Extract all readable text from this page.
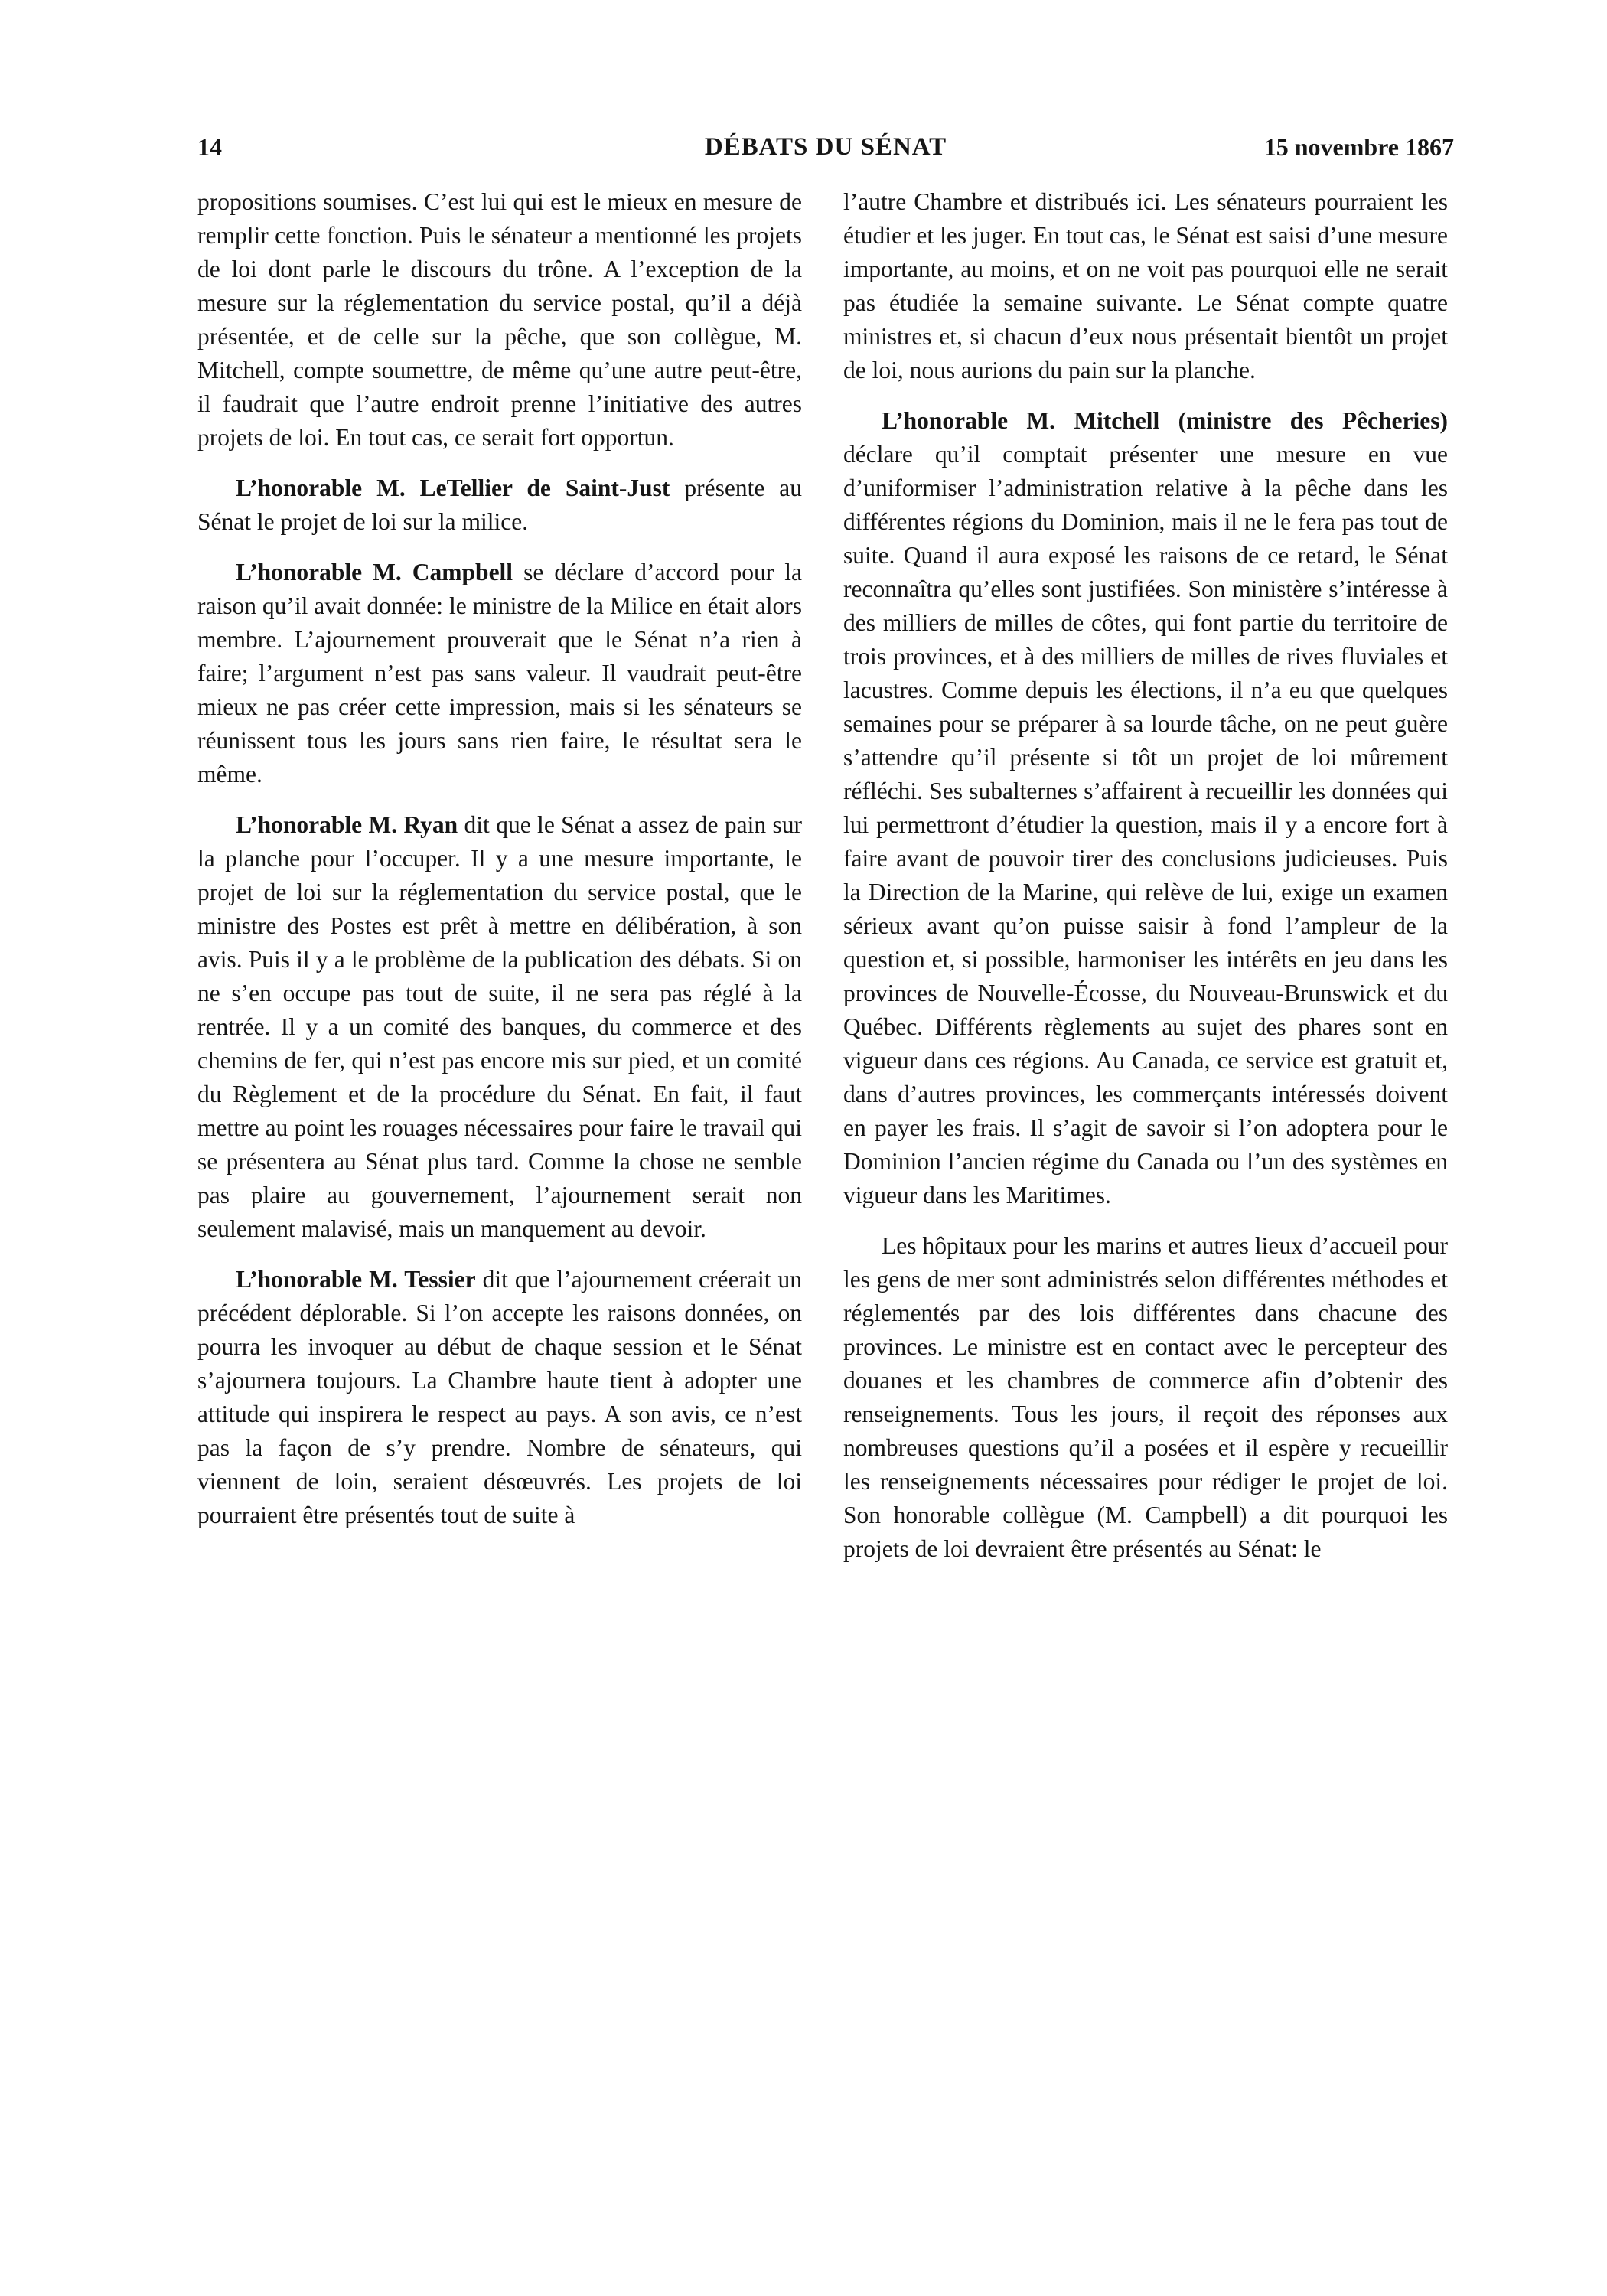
14	DÉBATS DU SÉNAT	15 novembre 1867

propositions soumises. C’est lui qui est le mieux en mesure de remplir cette fonction. Puis le sénateur a mentionné les projets de loi dont parle le discours du trône. A l’exception de la mesure sur la réglementation du service postal, qu’il a déjà présentée, et de celle sur la pêche, que son collègue, M. Mitchell, compte soumettre, de même qu’une autre peut-être, il faudrait que l’autre endroit prenne l’initiative des autres projets de loi. En tout cas, ce serait fort opportun.

L’honorable M. LeTellier de Saint-Just présente au Sénat le projet de loi sur la milice.

L’honorable M. Campbell se déclare d’accord pour la raison qu’il avait donnée: le ministre de la Milice en était alors membre. L’ajournement prouverait que le Sénat n’a rien à faire; l’argument n’est pas sans valeur. Il vaudrait peut-être mieux ne pas créer cette impression, mais si les sénateurs se réunissent tous les jours sans rien faire, le résultat sera le même.

L’honorable M. Ryan dit que le Sénat a assez de pain sur la planche pour l’occuper. Il y a une mesure importante, le projet de loi sur la réglementation du service postal, que le ministre des Postes est prêt à mettre en délibération, à son avis. Puis il y a le problème de la publication des débats. Si on ne s’en occupe pas tout de suite, il ne sera pas réglé à la rentrée. Il y a un comité des banques, du commerce et des chemins de fer, qui n’est pas encore mis sur pied, et un comité du Règlement et de la procédure du Sénat. En fait, il faut mettre au point les rouages nécessaires pour faire le travail qui se présentera au Sénat plus tard. Comme la chose ne semble pas plaire au gouvernement, l’ajournement serait non seulement malavisé, mais un manquement au devoir.

L’honorable M. Tessier dit que l’ajournement créerait un précédent déplorable. Si l’on accepte les raisons données, on pourra les invoquer au début de chaque session et le Sénat s’ajournera toujours. La Chambre haute tient à adopter une attitude qui inspirera le respect au pays. A son avis, ce n’est pas la façon de s’y prendre. Nombre de sénateurs, qui viennent de loin, seraient désœuvrés. Les projets de loi pourraient être présentés tout de suite à

l’autre Chambre et distribués ici. Les sénateurs pourraient les étudier et les juger. En tout cas, le Sénat est saisi d’une mesure importante, au moins, et on ne voit pas pourquoi elle ne serait pas étudiée la semaine suivante. Le Sénat compte quatre ministres et, si chacun d’eux nous présentait bientôt un projet de loi, nous aurions du pain sur la planche.

L’honorable M. Mitchell (ministre des Pêcheries) déclare qu’il comptait présenter une mesure en vue d’uniformiser l’administration relative à la pêche dans les différentes régions du Dominion, mais il ne le fera pas tout de suite. Quand il aura exposé les raisons de ce retard, le Sénat reconnaîtra qu’elles sont justifiées. Son ministère s’intéresse à des milliers de milles de côtes, qui font partie du territoire de trois provinces, et à des milliers de milles de rives fluviales et lacustres. Comme depuis les élections, il n’a eu que quelques semaines pour se préparer à sa lourde tâche, on ne peut guère s’attendre qu’il présente si tôt un projet de loi mûrement réfléchi. Ses subalternes s’affairent à recueillir les données qui lui permettront d’étudier la question, mais il y a encore fort à faire avant de pouvoir tirer des conclusions judicieuses. Puis la Direction de la Marine, qui relève de lui, exige un examen sérieux avant qu’on puisse saisir à fond l’ampleur de la question et, si possible, harmoniser les intérêts en jeu dans les provinces de Nouvelle-Écosse, du Nouveau-Brunswick et du Québec. Différents règlements au sujet des phares sont en vigueur dans ces régions. Au Canada, ce service est gratuit et, dans d’autres provinces, les commerçants intéressés doivent en payer les frais. Il s’agit de savoir si l’on adoptera pour le Dominion l’ancien régime du Canada ou l’un des systèmes en vigueur dans les Maritimes.

Les hôpitaux pour les marins et autres lieux d’accueil pour les gens de mer sont administrés selon différentes méthodes et réglementés par des lois différentes dans chacune des provinces. Le ministre est en contact avec le percepteur des douanes et les chambres de commerce afin d’obtenir des renseignements. Tous les jours, il reçoit des réponses aux nombreuses questions qu’il a posées et il espère y recueillir les renseignements nécessaires pour rédiger le projet de loi. Son honorable collègue (M. Campbell) a dit pourquoi les projets de loi devraient être présentés au Sénat: le
